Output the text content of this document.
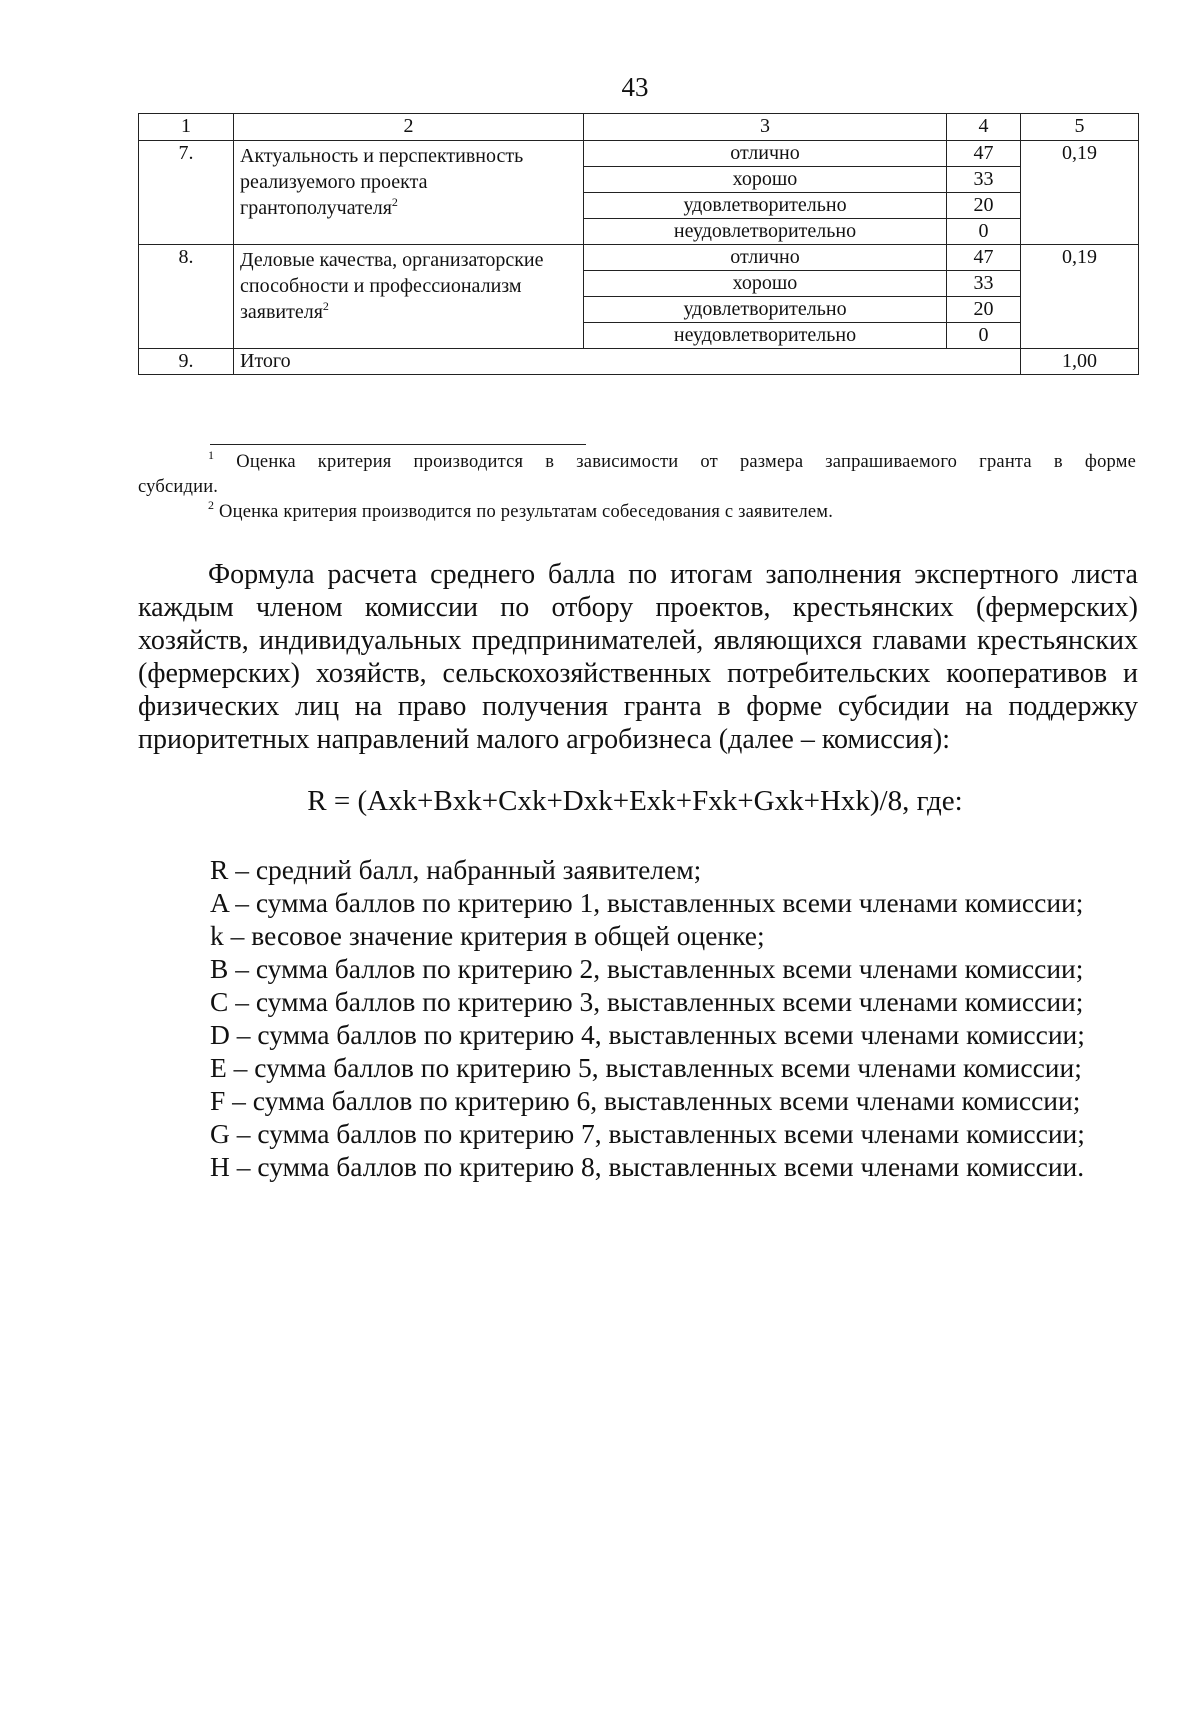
43
1	2	3	4	5
7.	Актуальность и перспективность реализуемого проекта грантополучателя$^2$	отлично	47	0,19
		хорошо	33	
		удовлетворительно	20	
		неудовлетворительно	0	
8.	Деловые качества, организаторские способности и профессионализм заявителя$^2$	отлично	47	0,19
		хорошо	33	
		удовлетворительно	20	
		неудовлетворительно	0	
9.	Итого			1,00

$^1$ Оценка критерия производится в зависимости от размера запрашиваемого гранта в форме

субсидии.

$^2$ Оценка критерия производится по результатам собеседования с заявителем.

Формула расчета среднего балла по итогам заполнения экспертного листа каждым членом комиссии по отбору проектов, крестьянских (фермерских) хозяйств, индивидуальных предпринимателей, являющихся главами крестьянских (фермерских) хозяйств, сельскохозяйственных потребительских кооперативов и физических лиц на право получения гранта в форме субсидии на поддержку приоритетных направлений малого агробизнеса (далее – комиссия):

R = (Axk+Bxk+Cxk+Dxk+Exk+Fxk+Gxk+Hxk)/8, где:
R – средний балл, набранный заявителем;
A – сумма баллов по критерию 1, выставленных всеми членами комиссии;
k – весовое значение критерия в общей оценке;
B – сумма баллов по критерию 2, выставленных всеми членами комиссии;
C – сумма баллов по критерию 3, выставленных всеми членами комиссии;
D – сумма баллов по критерию 4, выставленных всеми членами комиссии;
E – сумма баллов по критерию 5, выставленных всеми членами комиссии;
F – сумма баллов по критерию 6, выставленных всеми членами комиссии;
G – сумма баллов по критерию 7, выставленных всеми членами комиссии;
H – сумма баллов по критерию 8, выставленных всеми членами комиссии.
